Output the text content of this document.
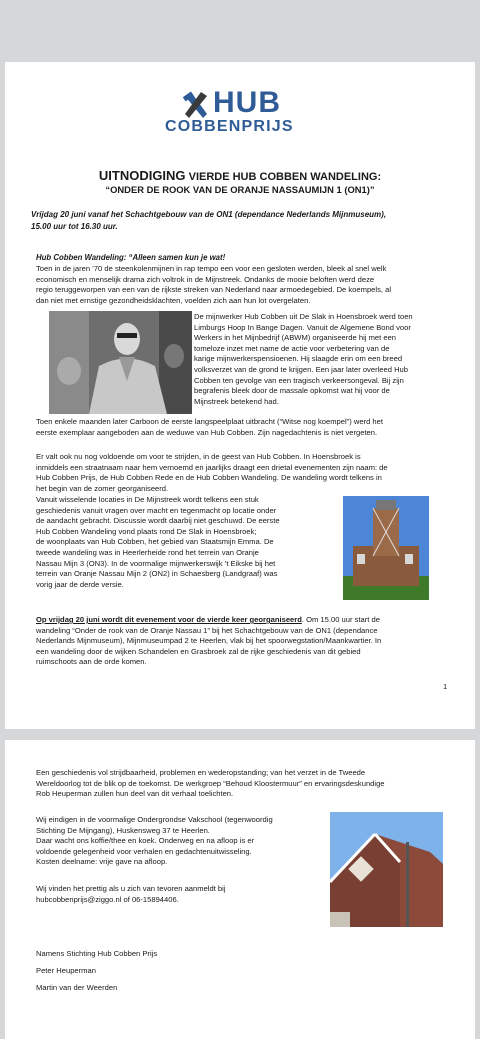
HUB
COBBENPRIJS
UITNODIGING VIERDE HUB COBBEN WANDELING:
“ONDER DE ROOK VAN DE ORANJE NASSAUMIJN 1 (ON1)”
Vrijdag 20 juni vanaf het Schachtgebouw van de ON1 (dependance Nederlands Mijnmuseum),
15.00 uur tot 16.30 uur.
Hub Cobben Wandeling: “Alleen samen kun je wat!
Toen in de jaren ’70 de steenkolenmijnen in rap tempo een voor een gesloten werden, bleek al snel welk
economisch en menselijk drama zich voltrok in de Mijnstreek. Ondanks de mooie beloften werd deze
regio teruggeworpen van een van de rijkste streken van Nederland naar armoedegebied. De koempels, al
dan niet met ernstige gezondheidsklachten, voelden zich aan hun lot overgelaten.
De mijnwerker Hub Cobben uit De Slak in Hoensbroek werd toen
Limburgs Hoop In Bange Dagen. Vanuit de Algemene Bond voor
Werkers in het Mijnbedrijf (ABWM) organiseerde hij met een
tomeloze inzet met name de actie voor verbetering van de
karige mijnwerkerspensioenen. Hij slaagde erin om een breed
volksverzet van de grond te krijgen. Een jaar later overleed Hub
Cobben ten gevolge van een tragisch verkeersongeval. Bij zijn
begrafenis bleek door de massale opkomst wat hij voor de
Mijnstreek betekend had.
Toen enkele maanden later Carboon de eerste langspeelplaat uitbracht (“Witse nog koempel”) werd het
eerste exemplaar aangeboden aan de weduwe van Hub Cobben. Zijn nagedachtenis is niet vergeten.
Er valt ook nu nog voldoende om voor te strijden, in de geest van Hub Cobben. In Hoensbroek is
inmiddels een straatnaam naar hem vernoemd en jaarlijks draagt een drietal evenementen zijn naam: de
Hub Cobben Prijs, de Hub Cobben Rede en de Hub Cobben Wandeling. De wandeling wordt telkens in
het begin van de zomer georganiseerd.
Vanuit wisselende locaties in De Mijnstreek wordt telkens een stuk
geschiedenis vanuit vragen over macht en tegenmacht op locatie onder
de aandacht gebracht. Discussie wordt daarbij niet geschuwd. De eerste
Hub Cobben Wandeling vond plaats rond De Slak in Hoensbroek;
de woonplaats van Hub Cobben, het gebied van Staatsmijn Emma. De
tweede wandeling was in Heerlerheide rond het terrein van Oranje
Nassau Mijn 3 (ON3). In de voormalige mijnwerkerswijk ’t Eikske bij het
terrein van Oranje Nassau Mijn 2 (ON2) in Schaesberg (Landgraaf) was
vorig jaar de derde versie.
Op vrijdag 20 juni wordt dit evenement voor de vierde keer georganiseerd. Om 15.00 uur start de
wandeling “Onder de rook van de Oranje Nassau 1” bij het Schachtgebouw van de ON1 (dependance
Nederlands Mijnmuseum), Mijnmuseumpad 2 te Heerlen, vlak bij het spoorwegstation/Maankwartier. In
een wandeling door de wijken Schandelen en Grasbroek zal de rijke geschiedenis van dit gebied
ruimschoots aan de orde komen.
1
Een geschiedenis vol strijdbaarheid, problemen en wederopstanding; van het verzet in de Tweede
Wereldoorlog tot de blik op de toekomst. De werkgroep “Behoud Kloostermuur” en ervaringsdeskundige
Rob Heuperman zullen hun deel van dit verhaal toelichten.
Wij eindigen in de voormalige Ondergrondse Vakschool (tegenwoordig
Stichting De Mijngang), Huskensweg 37 te Heerlen.
Daar wacht ons koffie/thee en koek. Onderweg en na afloop is er
voldoende gelegenheid voor verhalen en gedachtenuitwisseling.
Kosten deelname: vrije gave na afloop.
Wij vinden het prettig als u zich van tevoren aanmeldt bij
hubcobbenprijs@ziggo.nl of 06-15894406.
Namens Stichting Hub Cobben Prijs
Peter Heuperman
Martin van der Weerden
